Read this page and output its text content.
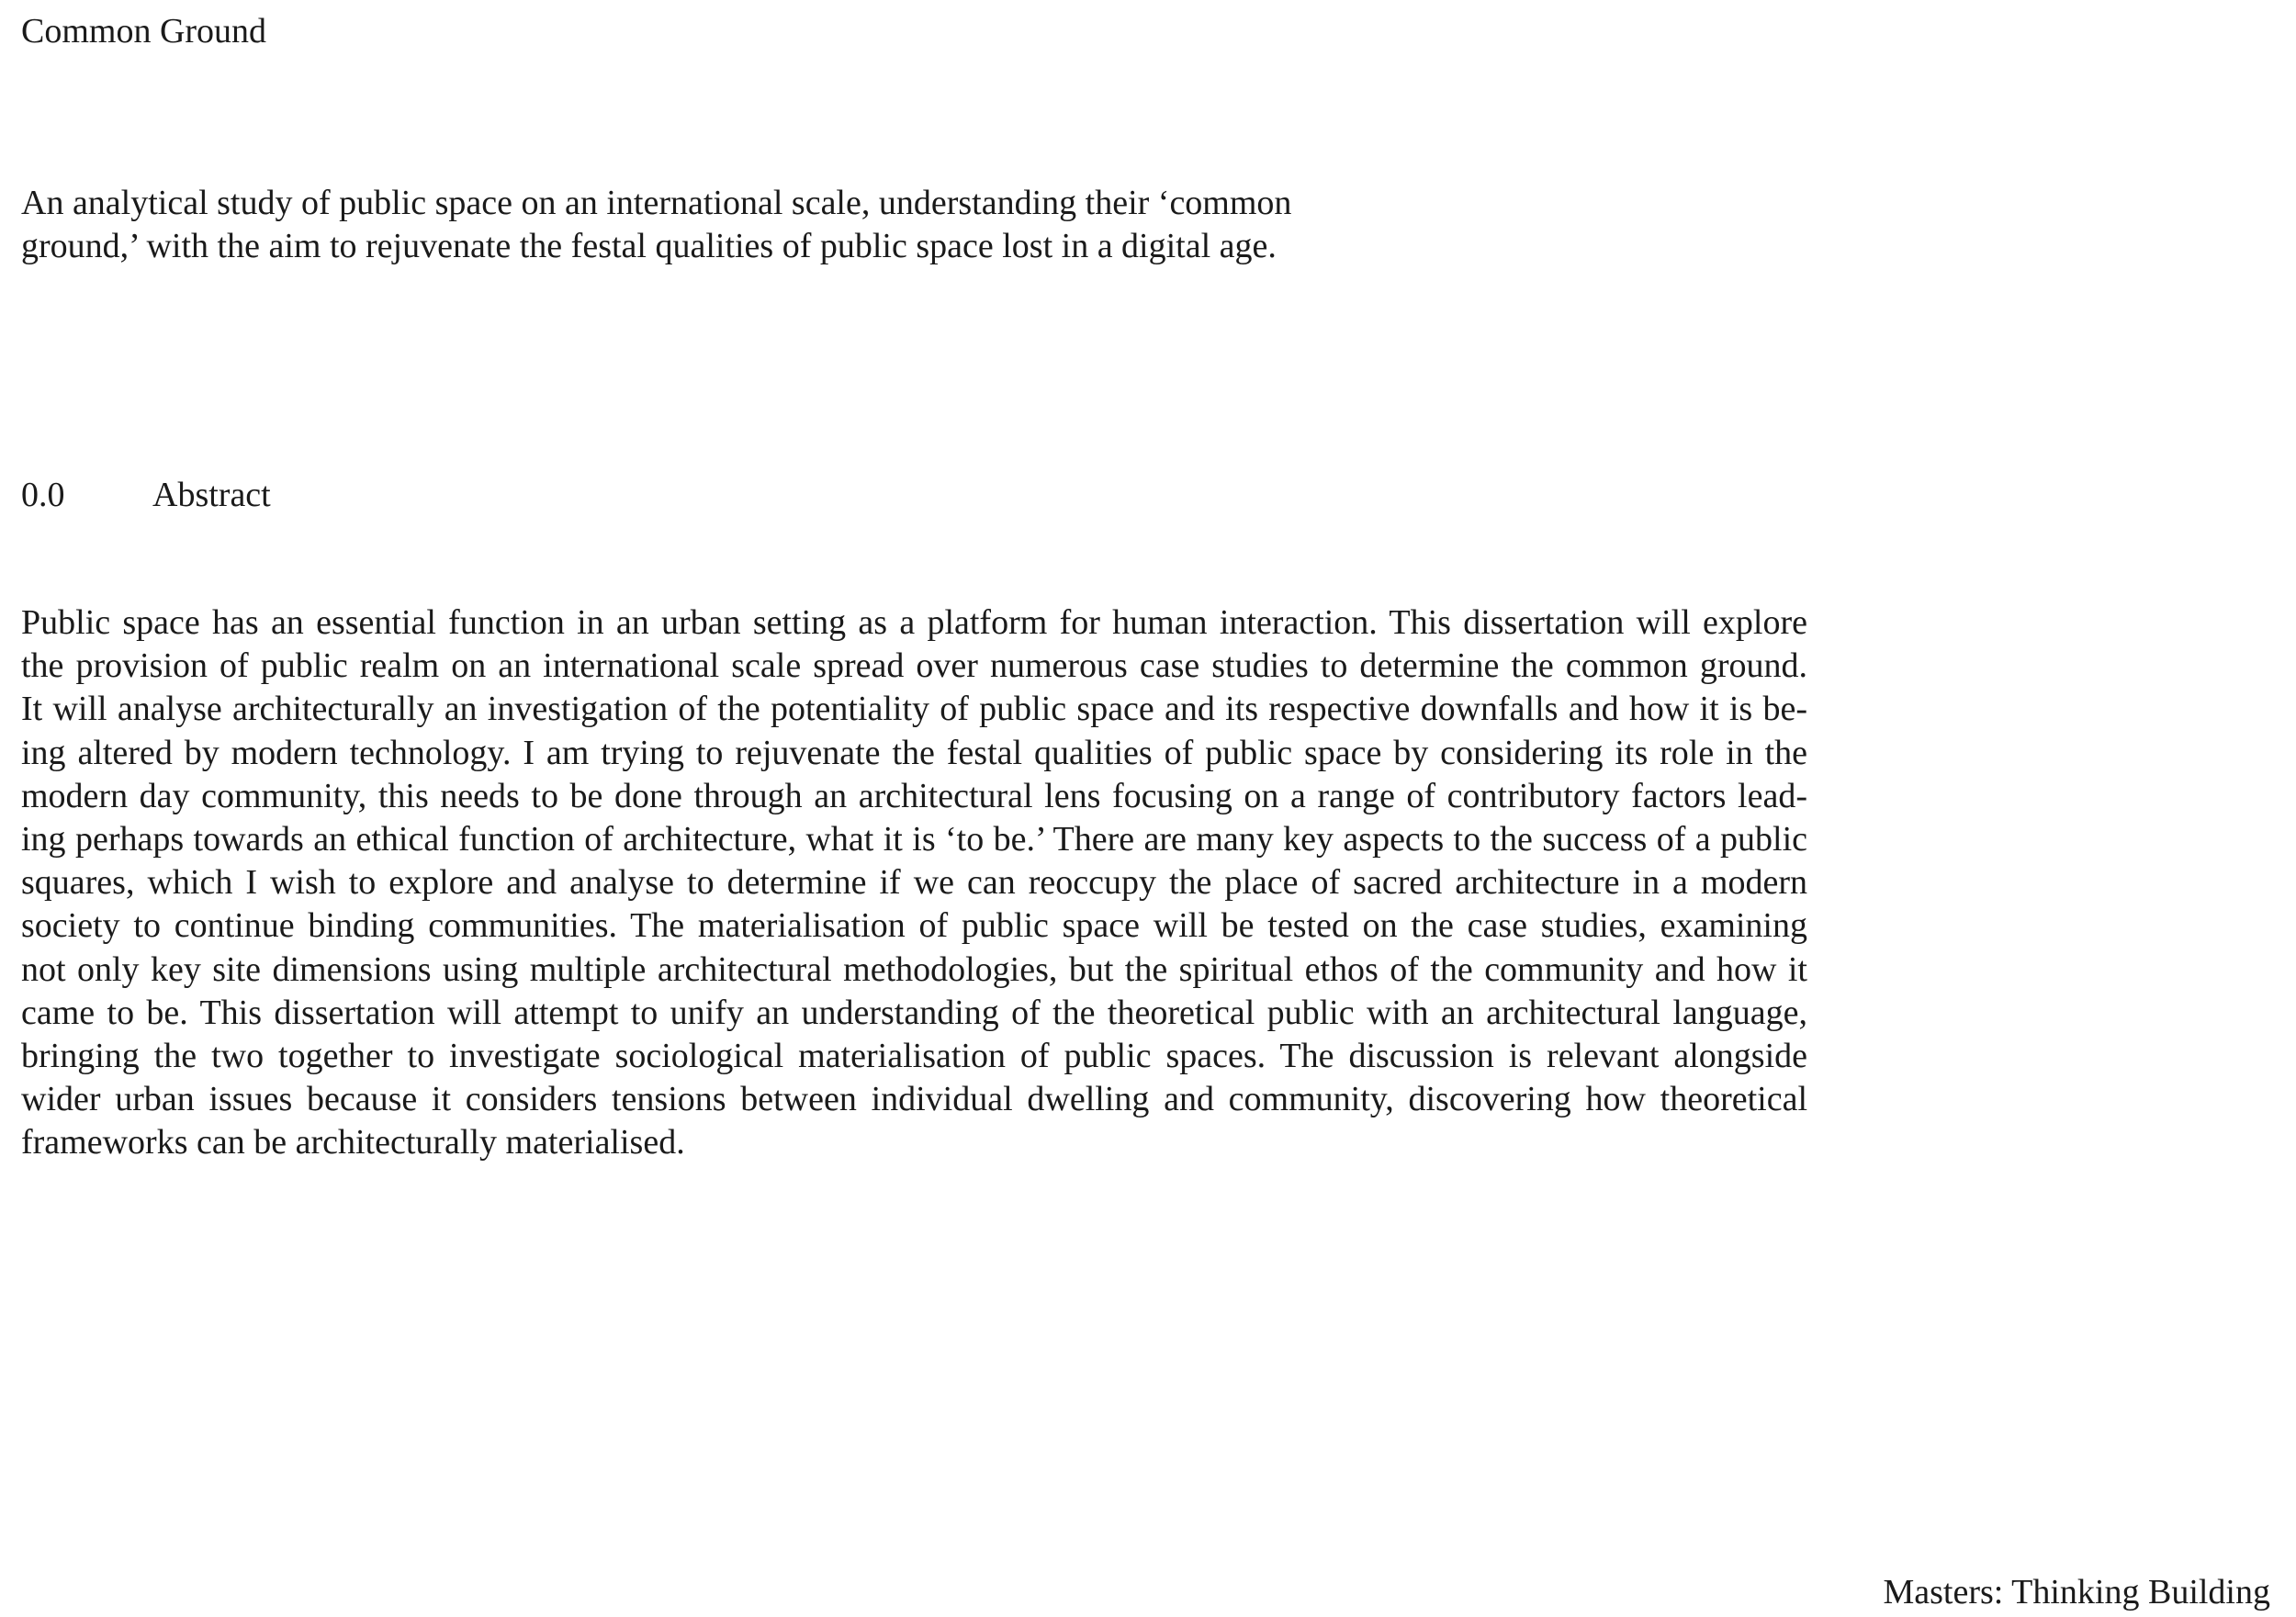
Common Ground

An analytical study of public space on an international scale, understanding their ‘common
ground,’ with the aim to rejuvenate the festal qualities of public space lost in a digital age.

0.0	Abstract

Public space has an essential function in an urban setting as a platform for human interaction. This dissertation will explore
the provision of public realm on an international scale spread over numerous case studies to determine the common ground.
It will analyse architecturally an investigation of the potentiality of public space and its respective downfalls and how it is be-
ing altered by modern technology. I am trying to rejuvenate the festal qualities of public space by considering its role in the
modern day community, this needs to be done through an architectural lens focusing on a range of contributory factors lead-
ing perhaps towards an ethical function of architecture, what it is ‘to be.’ There are many key aspects to the success of a public
squares, which I wish to explore and analyse to determine if we can reoccupy the place of sacred architecture in a modern
society to continue binding communities. The materialisation of public space will be tested on the case studies, examining
not only key site dimensions using multiple architectural methodologies, but the spiritual ethos of the community and how it
came to be. This dissertation will attempt to unify an understanding of the theoretical public with an architectural language,
bringing the two together to investigate sociological materialisation of public spaces. The discussion is relevant alongside
wider urban issues because it considers tensions between individual dwelling and community, discovering how theoretical
frameworks can be architecturally materialised.

Masters: Thinking Building
